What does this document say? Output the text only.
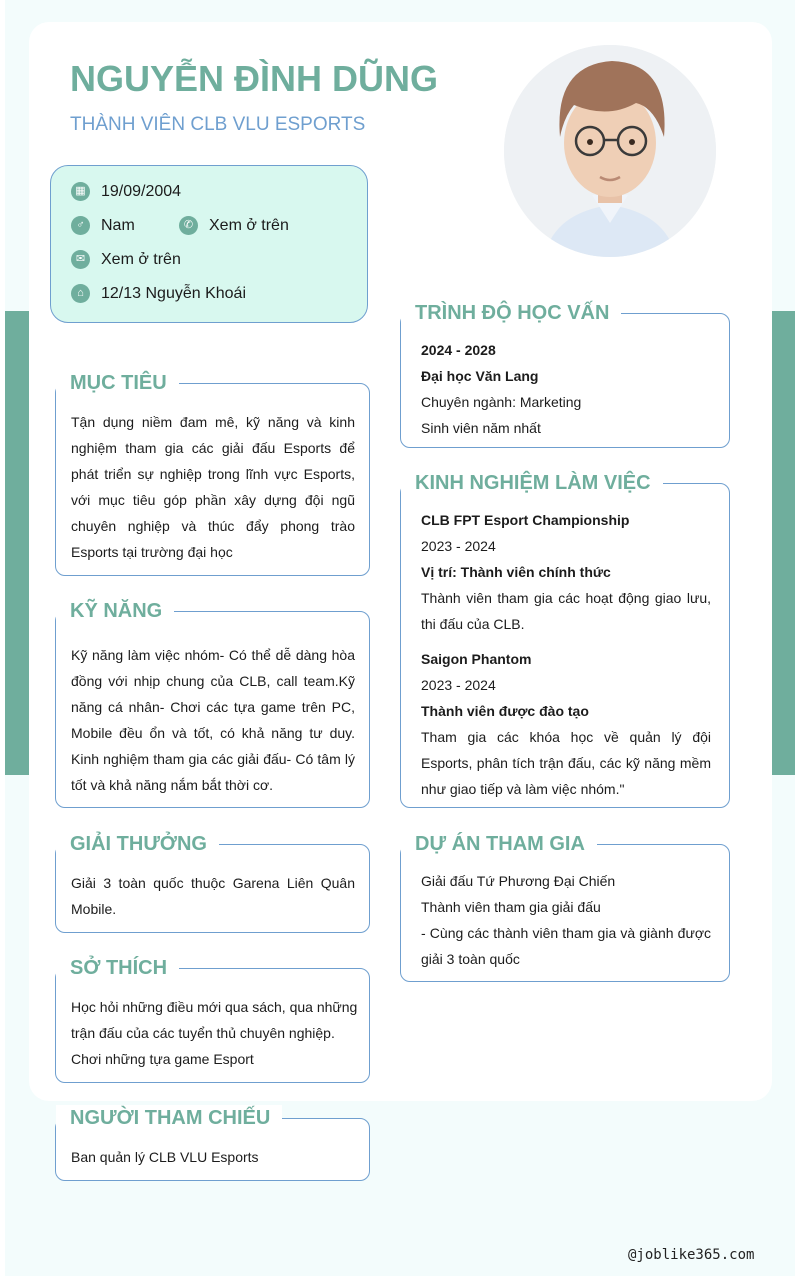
NGUYỄN ĐÌNH DŨNG
THÀNH VIÊN CLB VLU ESPORTS
▦ 19/09/2004
♂	Nam	✆ Xem ở trên
✉ Xem ở trên
⌂	12/13 Nguyễn Khoái
MỤC TIÊU
Tận dụng niềm đam mê, kỹ năng và kinh nghiệm tham gia các giải đấu Esports để phát triển sự nghiệp trong lĩnh vực Esports, với mục tiêu góp phần xây dựng đội ngũ chuyên nghiệp và thúc đẩy phong trào Esports tại trường đại học
KỸ NĂNG
Kỹ năng làm việc nhóm- Có thể dễ dàng hòa đồng với nhịp chung của CLB, call team.Kỹ năng cá nhân- Chơi các tựa game trên PC, Mobile đều ổn và tốt, có khả năng tư duy. Kinh nghiệm tham gia các giải đấu- Có tâm lý tốt và khả năng nắm bắt thời cơ.
GIẢI THƯỞNG
Giải 3 toàn quốc thuộc Garena Liên Quân Mobile.
SỞ THÍCH
Học hỏi những điều mới qua sách, qua những trận đấu của các tuyển thủ chuyên nghiệp.
Chơi những tựa game Esport
NGƯỜI THAM CHIẾU
Ban quản lý CLB VLU Esports
TRÌNH ĐỘ HỌC VẤN
2024 - 2028
Đại học Văn Lang
Chuyên ngành: Marketing
Sinh viên năm nhất
KINH NGHIỆM LÀM VIỆC
CLB FPT Esport Championship
2023 - 2024
Vị trí: Thành viên chính thức
Thành viên tham gia các hoạt động giao lưu, thi đấu của CLB.
Saigon Phantom
2023 - 2024
Thành viên được đào tạo
Tham gia các khóa học về quản lý đội Esports, phân tích trận đấu, các kỹ năng mềm như giao tiếp và làm việc nhóm."
DỰ ÁN THAM GIA
Giải đấu Tứ Phương Đại Chiến
Thành viên tham gia giải đấu
- Cùng các thành viên tham gia và giành được giải 3 toàn quốc
@joblike365.com
